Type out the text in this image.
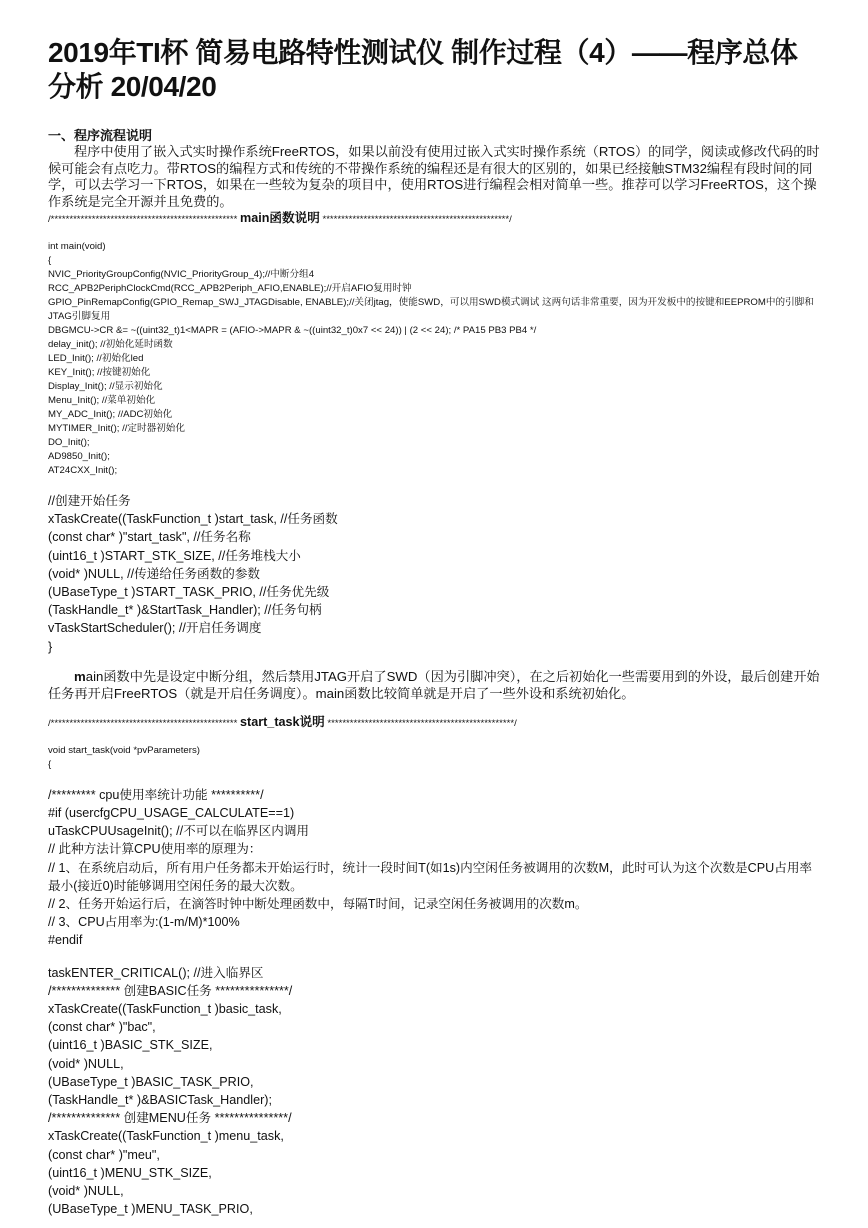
2019年TI杯 简易电路特性测试仪 制作过程（4）——程序总体分析 20/04/20
一、程序流程说明

程序中使用了嵌入式实时操作系统FreeRTOS，如果以前没有使用过嵌入式实时操作系统（RTOS）的同学，阅读或修改代码的时候可能会有点吃力。带RTOS的编程方式和传统的不带操作系统的编程还是有很大的区别的，如果已经接触STM32编程有段时间的同学，可以去学习一下RTOS，如果在一些较为复杂的项目中，使用RTOS进行编程会相对简单一些。推荐可以学习FreeRTOS，这个操作系统是完全开源并且免费的。

/************************************************** main函数说明 **************************************************/
int main(void)
{
NVIC_PriorityGroupConfig(NVIC_PriorityGroup_4);//中断分组4
RCC_APB2PeriphClockCmd(RCC_APB2Periph_AFIO,ENABLE);//开启AFIO复用时钟
GPIO_PinRemapConfig(GPIO_Remap_SWJ_JTAGDisable, ENABLE);//关闭jtag，使能SWD，可以用SWD模式调试 这两句话非常重要，因为开发板中的按键和EEPROM中的引脚和JTAG引脚复用
DBGMCU->CR &= ~((uint32_t)1<MAPR = (AFIO->MAPR & ~((uint32_t)0x7 << 24)) | (2 << 24); /* PA15 PB3 PB4 */
delay_init(); //初始化延时函数
LED_Init(); //初始化led
KEY_Init(); //按键初始化
Display_Init(); //显示初始化
Menu_Init(); //菜单初始化
MY_ADC_Init(); //ADC初始化
MYTIMER_Init(); //定时器初始化
DO_Init();
AD9850_Init();
AT24CXX_Init();
//创建开始任务
xTaskCreate((TaskFunction_t )start_task, //任务函数
(const char* )"start_task", //任务名称
(uint16_t )START_STK_SIZE, //任务堆栈大小
(void* )NULL, //传递给任务函数的参数
(UBaseType_t )START_TASK_PRIO, //任务优先级
(TaskHandle_t* )&StartTask_Handler); //任务句柄
vTaskStartScheduler(); //开启任务调度
}

main函数中先是设定中断分组，然后禁用JTAG开启了SWD（因为引脚冲突），在之后初始化一些需要用到的外设，最后创建开始任务再开启FreeRTOS（就是开启任务调度）。main函数比较简单就是开启了一些外设和系统初始化。

/************************************************** start_task说明 **************************************************/
void start_task(void *pvParameters)
{
/********* cpu使用率统计功能 **********/
#if (usercfgCPU_USAGE_CALCULATE==1)
uTaskCPUUsageInit(); //不可以在临界区内调用
// 此种方法计算CPU使用率的原理为：
// 1、在系统启动后，所有用户任务都未开始运行时，统计一段时间T(如1s)内空闲任务被调用的次数M，此时可认为这个次数是CPU占用率最小(接近0)时能够调用空闲任务的最大次数。
// 2、任务开始运行后，在滴答时钟中断处理函数中，每隔T时间，记录空闲任务被调用的次数m。
// 3、CPU占用率为:(1-m/M)*100%
#endif
taskENTER_CRITICAL(); //进入临界区
/************** 创建BASIC任务 ***************/
xTaskCreate((TaskFunction_t )basic_task,
(const char* )"bac",
(uint16_t )BASIC_STK_SIZE,
(void* )NULL,
(UBaseType_t )BASIC_TASK_PRIO,
(TaskHandle_t* )&BASICTask_Handler);
/************** 创建MENU任务 ***************/
xTaskCreate((TaskFunction_t )menu_task,
(const char* )"meu",
(uint16_t )MENU_STK_SIZE,
(void* )NULL,
(UBaseType_t )MENU_TASK_PRIO,
